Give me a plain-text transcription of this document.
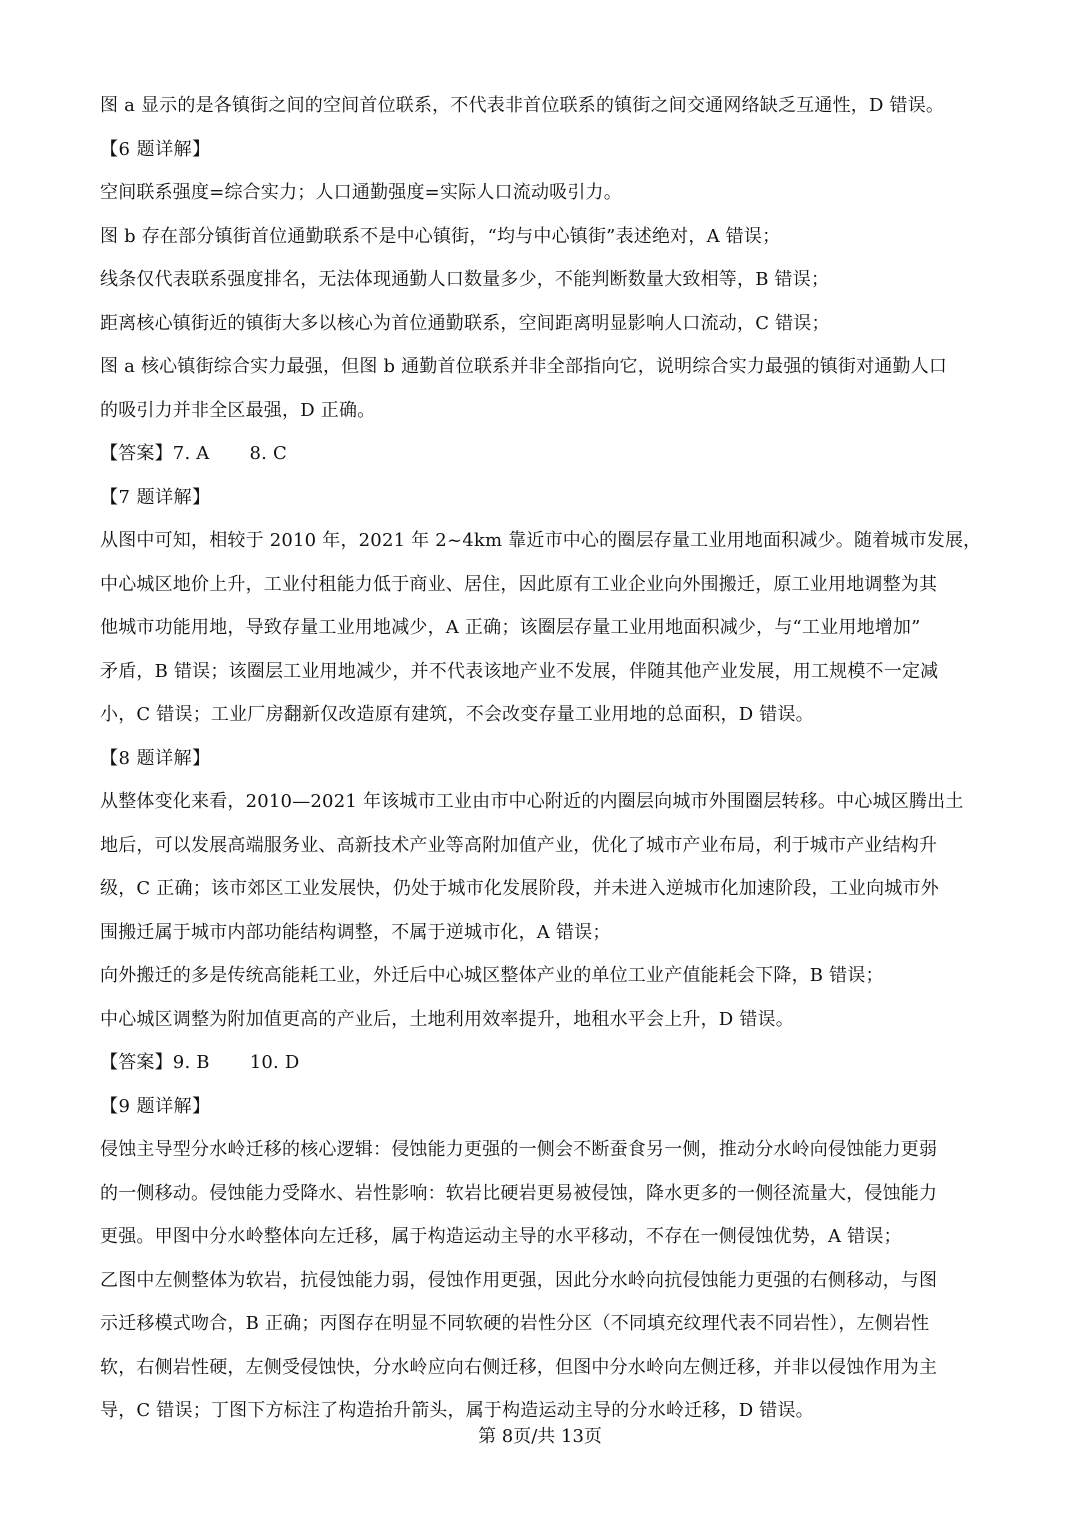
图 a 显示的是各镇街之间的空间首位联系，不代表非首位联系的镇街之间交通网络缺乏互通性，D 错误。
【6 题详解】
空间联系强度=综合实力；人口通勤强度=实际人口流动吸引力。
图 b 存在部分镇街首位通勤联系不是中心镇街，“均与中心镇街”表述绝对，A 错误；
线条仅代表联系强度排名，无法体现通勤人口数量多少，不能判断数量大致相等，B 错误；
距离核心镇街近的镇街大多以核心为首位通勤联系，空间距离明显影响人口流动，C 错误；
图 a 核心镇街综合实力最强，但图 b 通勤首位联系并非全部指向它，说明综合实力最强的镇街对通勤人口
的吸引力并非全区最强，D 正确。
【答案】7. A 8. C
【7 题详解】
从图中可知，相较于 2010 年，2021 年 2~4km 靠近市中心的圈层存量工业用地面积减少。随着城市发展，
中心城区地价上升，工业付租能力低于商业、居住，因此原有工业企业向外围搬迁，原工业用地调整为其
他城市功能用地，导致存量工业用地减少，A 正确；该圈层存量工业用地面积减少，与“工业用地增加”
矛盾，B 错误；该圈层工业用地减少，并不代表该地产业不发展，伴随其他产业发展，用工规模不一定减
小，C 错误；工业厂房翻新仅改造原有建筑，不会改变存量工业用地的总面积，D 错误。
【8 题详解】
从整体变化来看，2010—2021 年该城市工业由市中心附近的内圈层向城市外围圈层转移。中心城区腾出土
地后，可以发展高端服务业、高新技术产业等高附加值产业，优化了城市产业布局，利于城市产业结构升
级，C 正确；该市郊区工业发展快，仍处于城市化发展阶段，并未进入逆城市化加速阶段，工业向城市外
围搬迁属于城市内部功能结构调整，不属于逆城市化，A 错误；
向外搬迁的多是传统高能耗工业，外迁后中心城区整体产业的单位工业产值能耗会下降，B 错误；
中心城区调整为附加值更高的产业后，土地利用效率提升，地租水平会上升，D 错误。
【答案】9. B 10. D
【9 题详解】
侵蚀主导型分水岭迁移的核心逻辑：侵蚀能力更强的一侧会不断蚕食另一侧，推动分水岭向侵蚀能力更弱
的一侧移动。侵蚀能力受降水、岩性影响：软岩比硬岩更易被侵蚀，降水更多的一侧径流量大，侵蚀能力
更强。甲图中分水岭整体向左迁移，属于构造运动主导的水平移动，不存在一侧侵蚀优势，A 错误；
乙图中左侧整体为软岩，抗侵蚀能力弱，侵蚀作用更强，因此分水岭向抗侵蚀能力更强的右侧移动，与图
示迁移模式吻合，B 正确；丙图存在明显不同软硬的岩性分区（不同填充纹理代表不同岩性），左侧岩性
软，右侧岩性硬，左侧受侵蚀快，分水岭应向右侧迁移，但图中分水岭向左侧迁移，并非以侵蚀作用为主
导，C 错误；丁图下方标注了构造抬升箭头，属于构造运动主导的分水岭迁移，D 错误。
第 8页/共 13页
